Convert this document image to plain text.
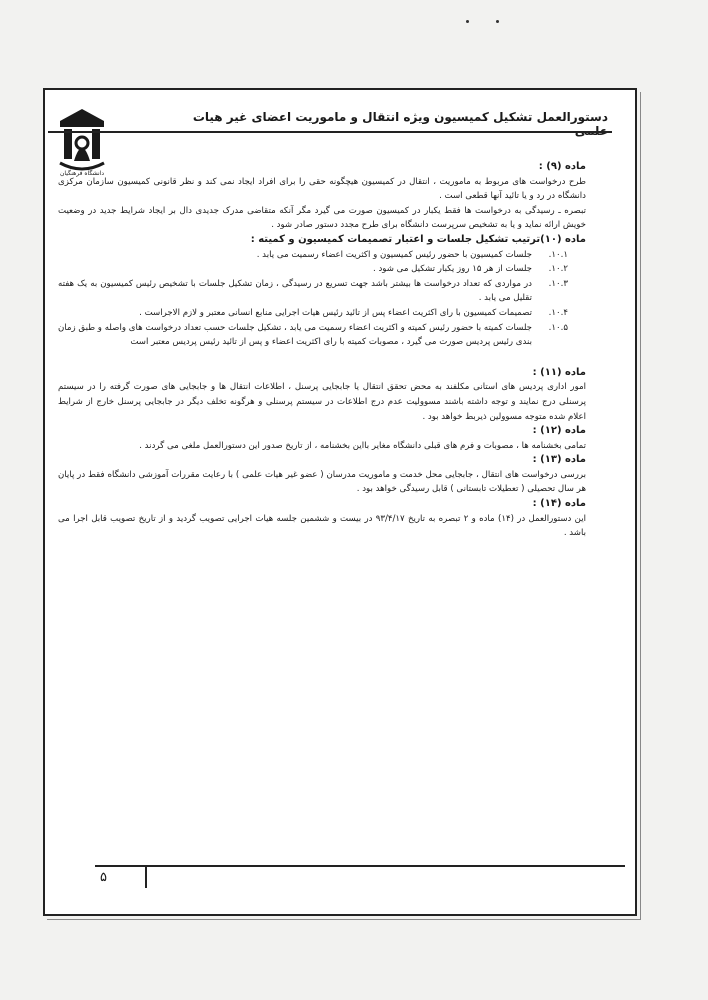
دانشگاه فرهنگیان
دستورالعمل تشکیل کمیسیون ویژه انتقال و ماموریت اعضای غیر هیات علمی

ماده (۹) :

طرح درخواست های مربوط به ماموریت ، انتقال در کمیسیون هیچگونه حقی را برای افراد ایجاد نمی کند و نظر قانونی کمیسیون سازمان مرکزی دانشگاه در رد و یا تائید آنها قطعی است .

تبصره ـ رسیدگی به درخواست ها فقط یکبار در کمیسیون صورت می گیرد مگر آنکه متقاضی مدرک جدیدی دال بر ایجاد شرایط جدید در وضعیت خویش ارائه نماید و یا به تشخیص سرپرست دانشگاه برای طرح مجدد دستور صادر شود .

ماده (۱۰)ترتیب تشکیل جلسات و اعتبار تصمیمات کمیسیون و کمیته :

۱۰.۱.
جلسات کمیسیون با حضور رئیس کمیسیون و اکثریت اعضاء رسمیت می یابد .
۱۰.۲.
جلسات از هر ۱۵ روز یکبار تشکیل می شود .
۱۰.۳.
در مواردی که تعداد درخواست ها بیشتر باشد جهت تسریع در رسیدگی ، زمان تشکیل جلسات با تشخیص رئیس کمیسیون به یک هفته تقلیل می یابد .
۱۰.۴.
تصمیمات کمیسیون با رای اکثریت اعضاء پس از تائید رئیس هیات اجرایی منابع انسانی معتبر و لازم الاجراست .
۱۰.۵.
جلسات کمیته با حضور رئیس کمیته و اکثریت اعضاء رسمیت می یابد ، تشکیل جلسات حسب تعداد درخواست های واصله و طبق زمان بندی رئیس پردیس صورت می گیرد ، مصوبات کمیته با رای اکثریت اعضاء و پس از تائید رئیس پردیس معتبر است

ماده (۱۱) :

امور اداری پردیس های استانی مکلفند به محض تحقق انتقال یا جابجایی پرسنل ، اطلاعات انتقال ها و جابجایی های صورت گرفته را در سیستم پرسنلی درج نمایند و توجه داشته باشند مسوولیت عدم درج اطلاعات در سیستم پرسنلی و هرگونه تخلف دیگر در جابجایی پرسنل خارج از شرایط اعلام شده متوجه مسوولین ذیربط خواهد بود .

ماده (۱۲) :

تمامی بخشنامه ها ، مصوبات و فرم های قبلی دانشگاه مغایر بااین بخشنامه ، از تاریخ صدور این دستورالعمل ملغی می گردند .

ماده (۱۳) :

بررسی درخواست های انتقال ، جابجایی محل خدمت و ماموریت مدرسان ( عضو غیر هیات علمی ) با رعایت مقررات آموزشی دانشگاه فقط در پایان هر سال تحصیلی ( تعطیلات تابستانی ) قابل رسیدگی خواهد بود .

ماده (۱۴) :

این دستورالعمل در (۱۴) ماده و ۲ تبصره به تاریخ ۹۳/۴/۱۷ در بیست و ششمین جلسه هیات اجرایی تصویب گردید و از تاریخ تصویب قابل اجرا می باشد .

۵
